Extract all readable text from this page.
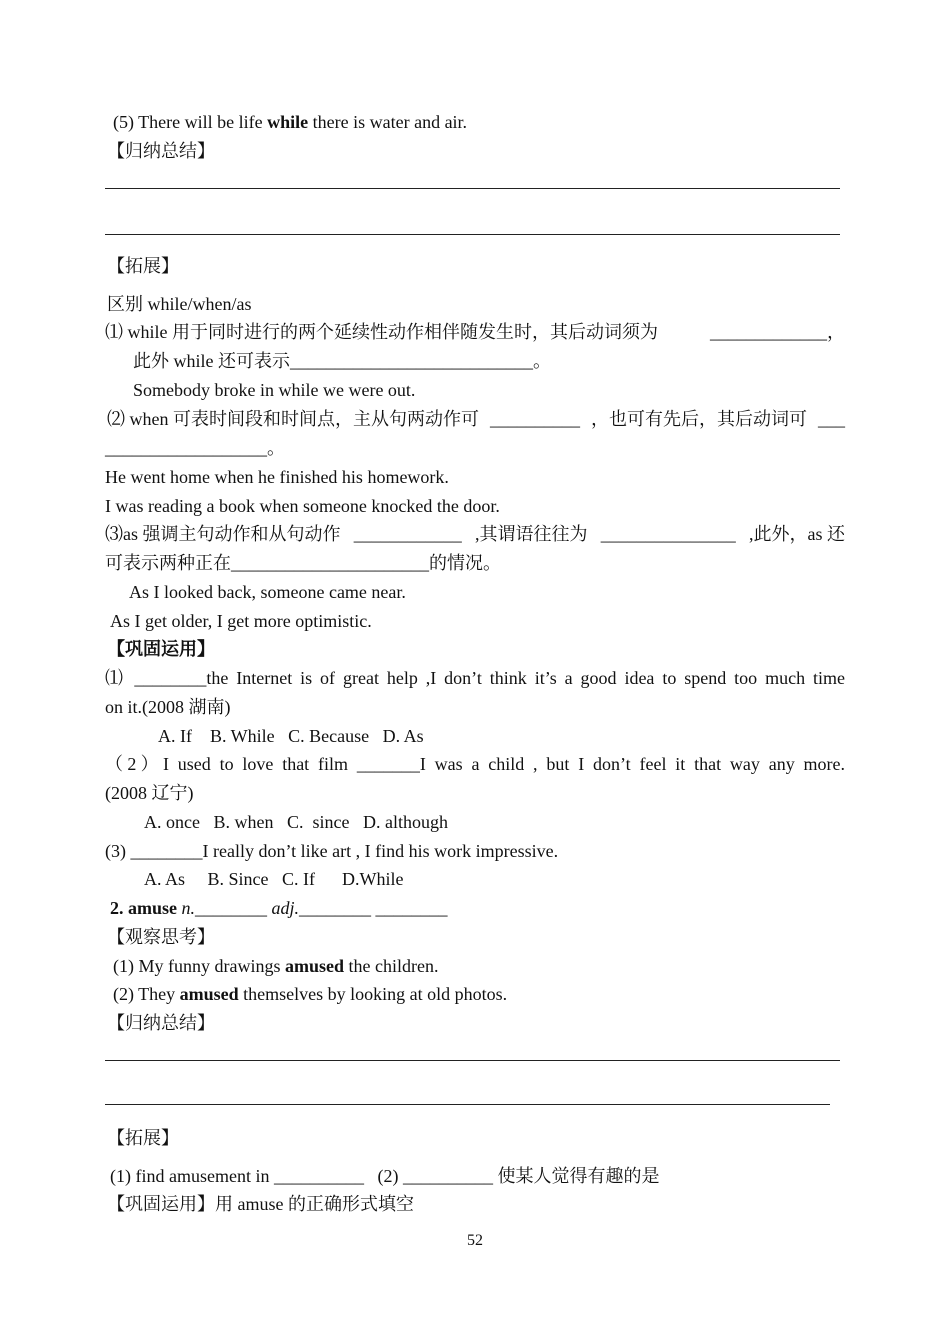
(5) There will be life while there is water and air.
【归纳总结】
【拓展】
区别 while/when/as
⑴ while 用于同时进行的两个延续性动作相伴随发生时，其后动词须为	_____________，
此外 while 还可表示___________________________。
Somebody broke in while we were out.
⑵ when 可表时间段和时间点，主从句两动作可 __________ ，也可有先后，其后动词可 ___
__________________。
He went home when he finished his homework.
I was reading a book when someone knocked the door.
⑶as 强调主句动作和从句动作 ____________ ,其谓语往往为 _______________ ,此外，as 还
可表示两种正在______________________的情况。
As I looked back, someone came near.
As I get older, I get more optimistic.
【巩固运用】
⑴ ________the Internet is of great help ,I don’t think it’s a good idea to spend too much time
on it.(2008 湖南)
A. If    B. While   C. Because   D. As
（2）I used to love that film _______I was a child , but I don’t feel it that way any more.
(2008 辽宁)
A. once   B. when   C.  since   D. although
(3) ________I really don’t like art , I find his work impressive.
A. As     B. Since   C. If      D.While
2. amuse n.________ adj.________ ________
【观察思考】
(1) My funny drawings amused the children.
(2) They amused themselves by looking at old photos.
【归纳总结】
【拓展】
(1) find amusement in __________   (2) __________ 使某人觉得有趣的是
【巩固运用】用 amuse 的正确形式填空
52
